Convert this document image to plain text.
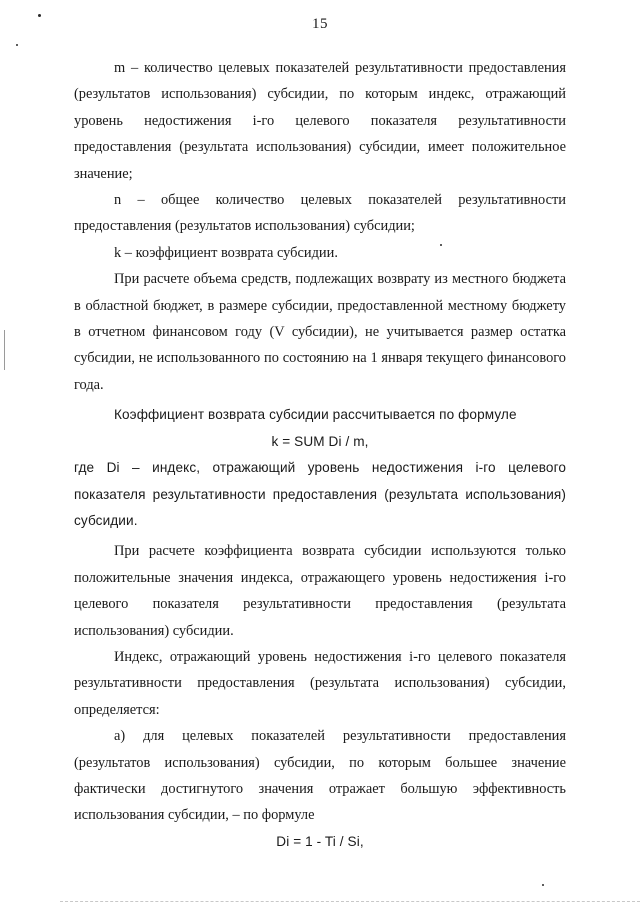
15

m – количество целевых показателей результативности предоставления (результатов использования) субсидии, по которым индекс, отражающий уровень недостижения i-го целевого показателя результативности предоставления (результата использования) субсидии, имеет положительное значение;

n – общее количество целевых показателей результативности предоставления (результатов использования) субсидии;

k – коэффициент возврата субсидии.

При расчете объема средств, подлежащих возврату из местного бюджета в областной бюджет, в размере субсидии, предоставленной местному бюджету в отчетном финансовом году (V субсидии), не учитывается размер остатка субсидии, не использованного по состоянию на 1 января текущего финансового года.

Коэффициент возврата субсидии рассчитывается по формуле

k = SUM Di / m,

где Di – индекс, отражающий уровень недостижения i-го целевого показателя результативности предоставления (результата использования) субсидии.

При расчете коэффициента возврата субсидии используются только положительные значения индекса, отражающего уровень недостижения i-го целевого показателя результативности предоставления (результата использования) субсидии.

Индекс, отражающий уровень недостижения i-го целевого показателя результативности предоставления (результата использования) субсидии, определяется:

а) для целевых показателей результативности предоставления (результатов использования) субсидии, по которым большее значение фактически достигнутого значения отражает большую эффективность использования субсидии, – по формуле

Di = 1 - Ti / Si,
